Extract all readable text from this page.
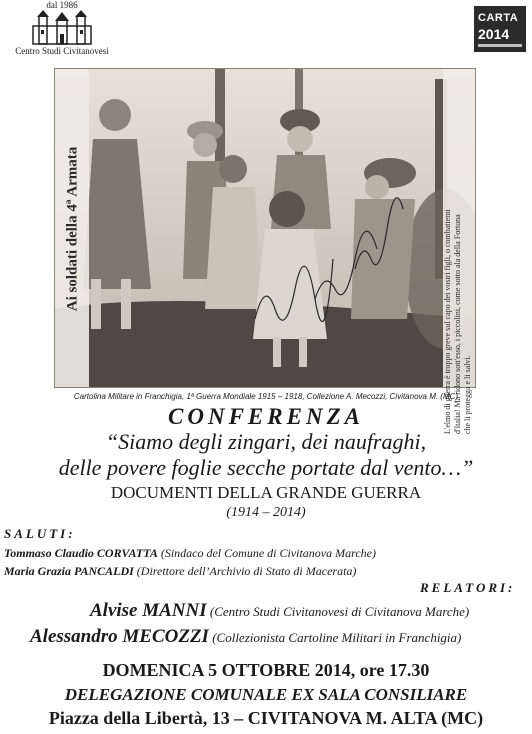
dal 1986
Centro Studi Civitanovesi
CARTA
2014
Ai soldati della 4ª Armata	L'elmo di guerra è troppo greve sul capo dei vostri figli, o combattenti d'Italia! Ma ridono sott'esso, i piccolini, come sotto ala della Fortuna che li protegga e li salvi.
Cartolina Militare in Franchigia, 1ª Guerra Mondiale 1915 – 1918, Collezione A. Mecozzi, Civitanova M. (MC)
CONFERENZA
“Siamo degli zingari, dei naufraghi,
delle povere foglie secche portate dal vento…”
DOCUMENTI DELLA GRANDE GUERRA
(1914 – 2014)
SALUTI:
Tommaso Claudio CORVATTA (Sindaco del Comune di Civitanova Marche)
Maria Grazia PANCALDI (Direttore dell’Archivio di Stato di Macerata)
RELATORI:
Alvise MANNI (Centro Studi Civitanovesi di Civitanova Marche)
Alessandro MECOZZI (Collezionista Cartoline Militari in Franchigia)
DOMENICA 5 OTTOBRE 2014, ore 17.30
DELEGAZIONE COMUNALE EX SALA CONSILIARE
Piazza della Libertà, 13 – CIVITANOVA M. ALTA (MC)
